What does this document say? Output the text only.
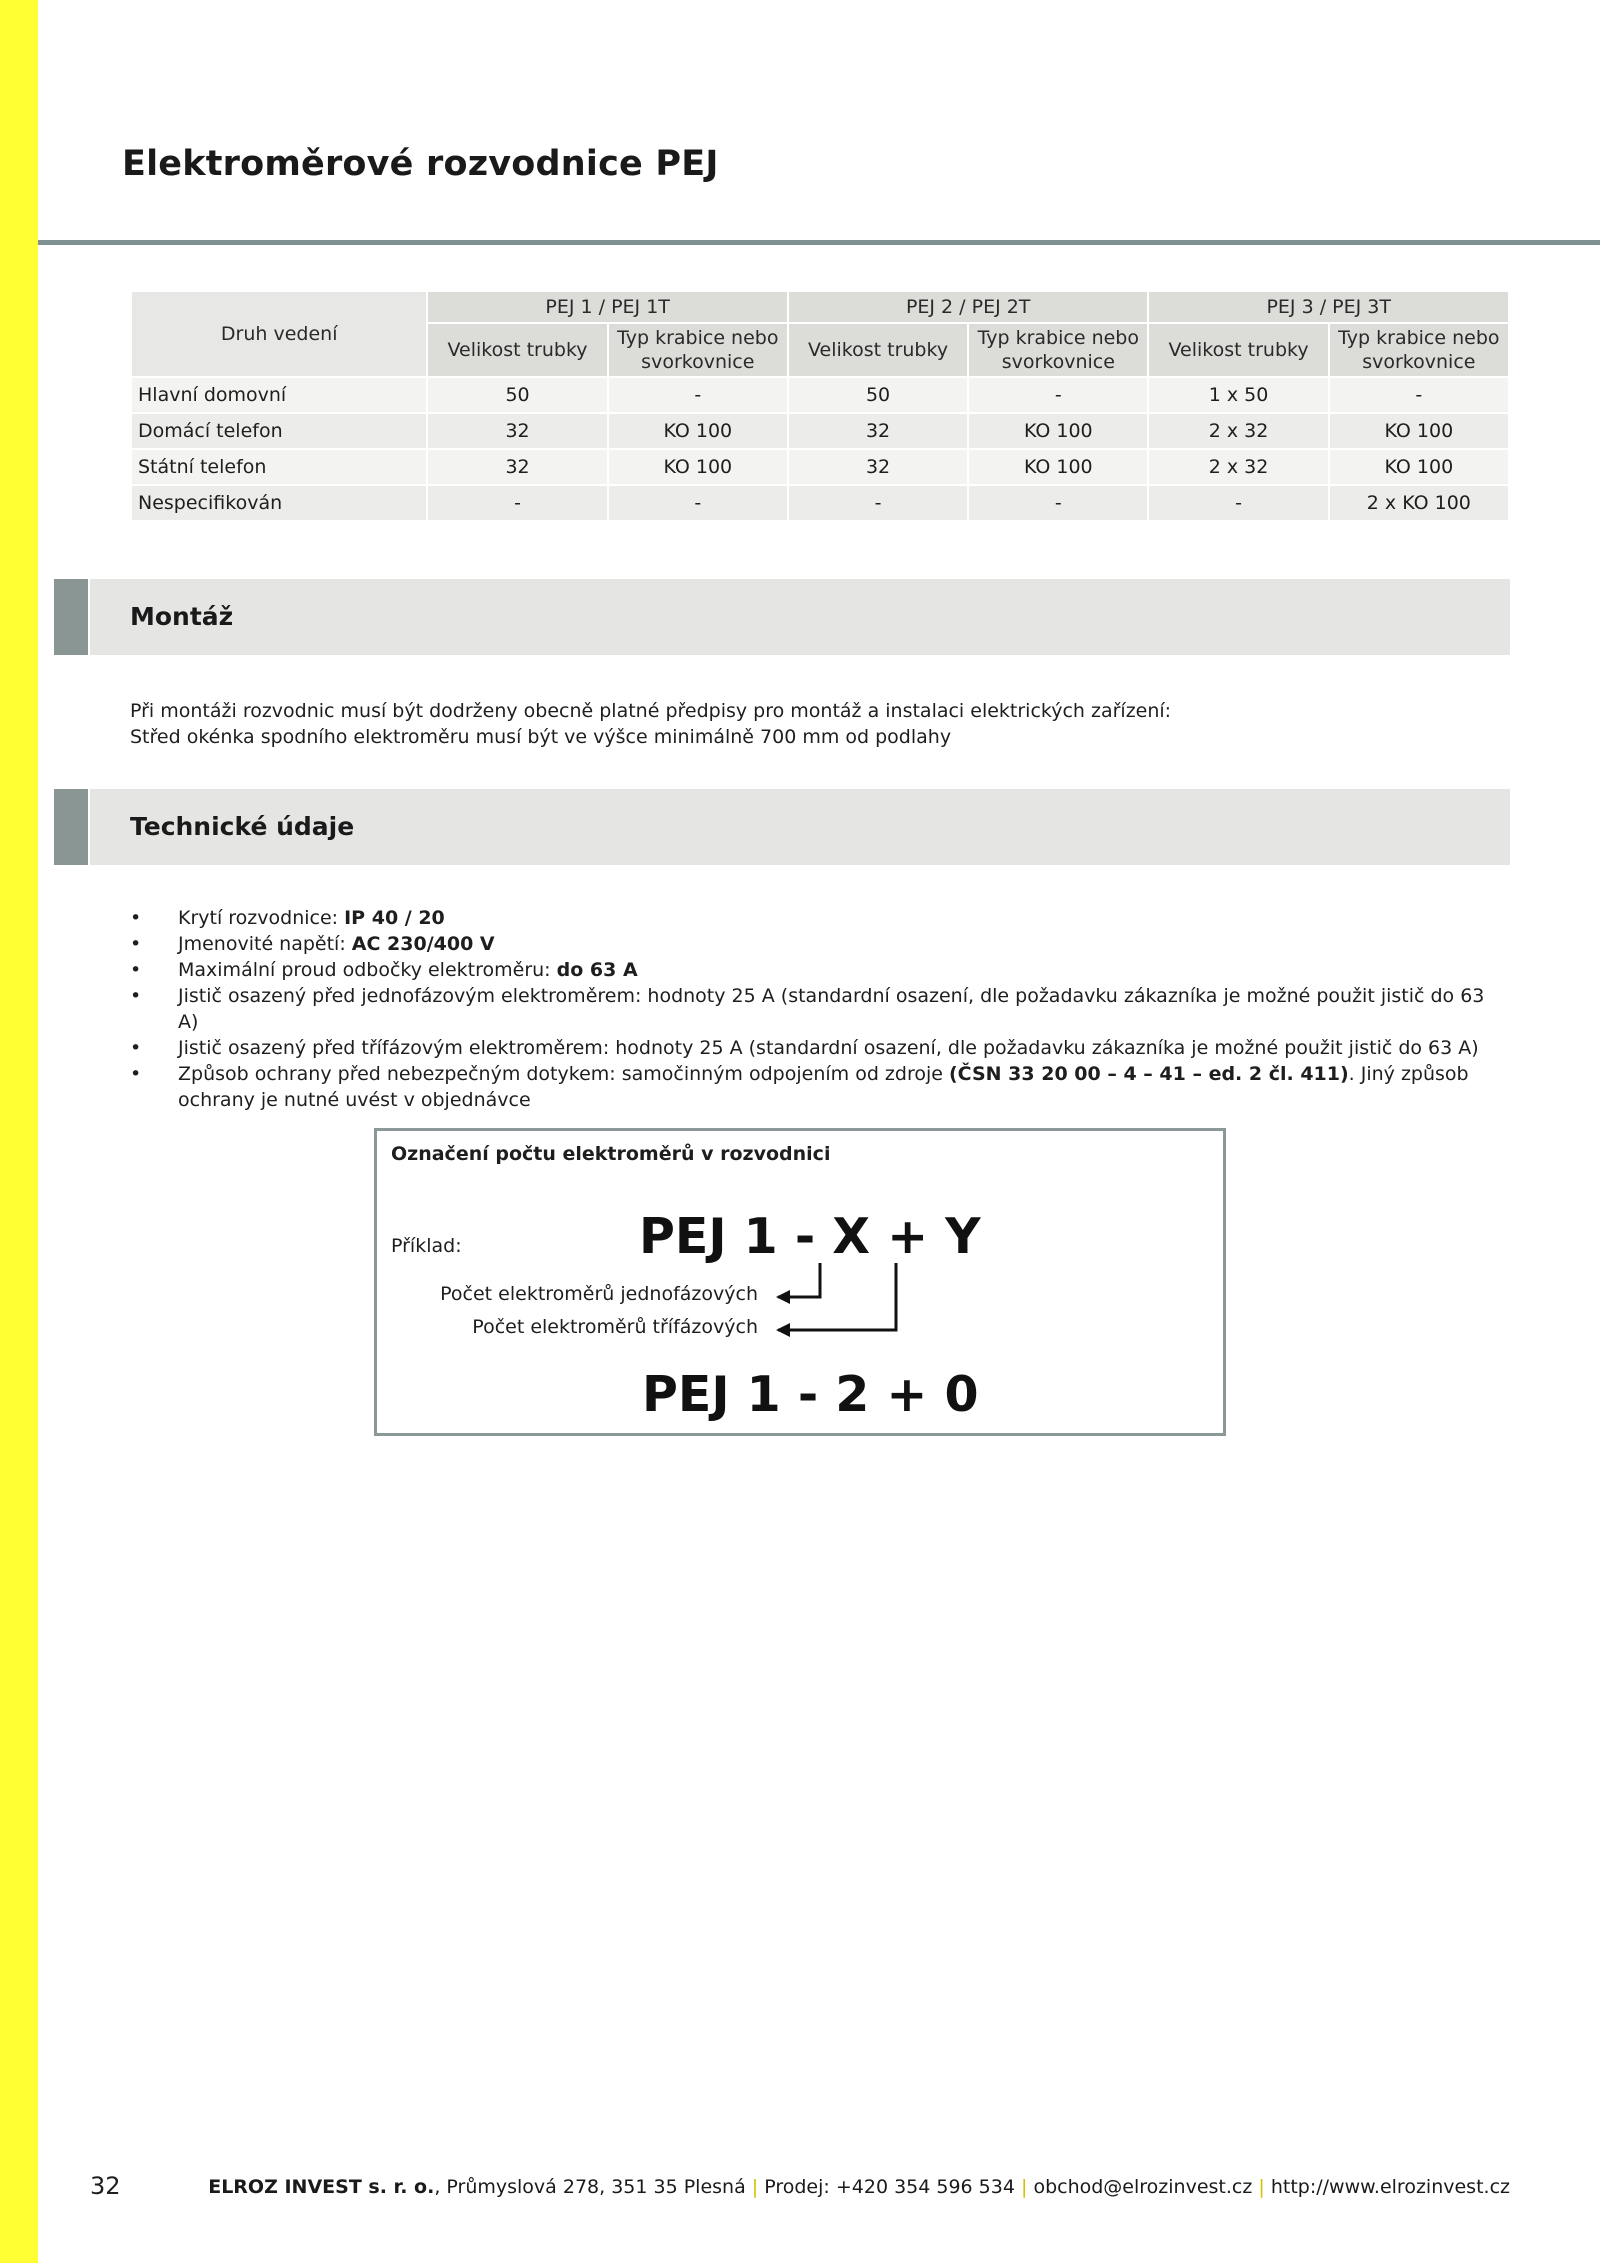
Elektroměrové rozvodnice PEJ
Druh vedení	PEJ 1 / PEJ 1T		PEJ 2 / PEJ 2T		PEJ 3 / PEJ 3T	
	Velikost trubky	Typ krabice nebo svorkovnice	Velikost trubky	Typ krabice nebo svorkovnice	Velikost trubky	Typ krabice nebo svorkovnice
Hlavní domovní	50	-	50	-	1 x 50	-
Domácí telefon	32	KO 100	32	KO 100	2 x 32	KO 100
Státní telefon	32	KO 100	32	KO 100	2 x 32	KO 100
Nespecifikován	-	-	-	-	-	2 x KO 100
Montáž

Při montáži rozvodnic musí být dodrženy obecně platné předpisy pro montáž a instalaci elektrických zařízení:

Střed okénka spodního elektroměru musí být ve výšce minimálně 700 mm od podlahy

Technické údaje
• Krytí rozvodnice: IP 40 / 20
• Jmenovité napětí: AC 230/400 V
• Maximální proud odbočky elektroměru: do 63 A
• Jistič osazený před jednofázovým elektroměrem: hodnoty 25 A (standardní osazení, dle požadavku zákazníka je možné použit jistič do 63 A)
• Jistič osazený před třífázovým elektroměrem: hodnoty 25 A (standardní osazení, dle požadavku zákazníka je možné použit jistič do 63 A)
• Způsob ochrany před nebezpečným dotykem: samočinným odpojením od zdroje (ČSN 33 20 00 – 4 – 41 – ed. 2 čl. 411). Jiný způsob ochrany je nutné uvést v objednávce

Označení počtu elektroměrů v rozvodnici

Příklad:	PEJ 1 - X + Y
Počet elektroměrů jednofázových
Počet elektroměrů třífázových
PEJ 1 - 2 + 0
32	ELROZ INVEST s. r. o., Průmyslová 278, 351 35 Plesná | Prodej: +420 354 596 534 | obchod@elrozinvest.cz | http://www.elrozinvest.cz
